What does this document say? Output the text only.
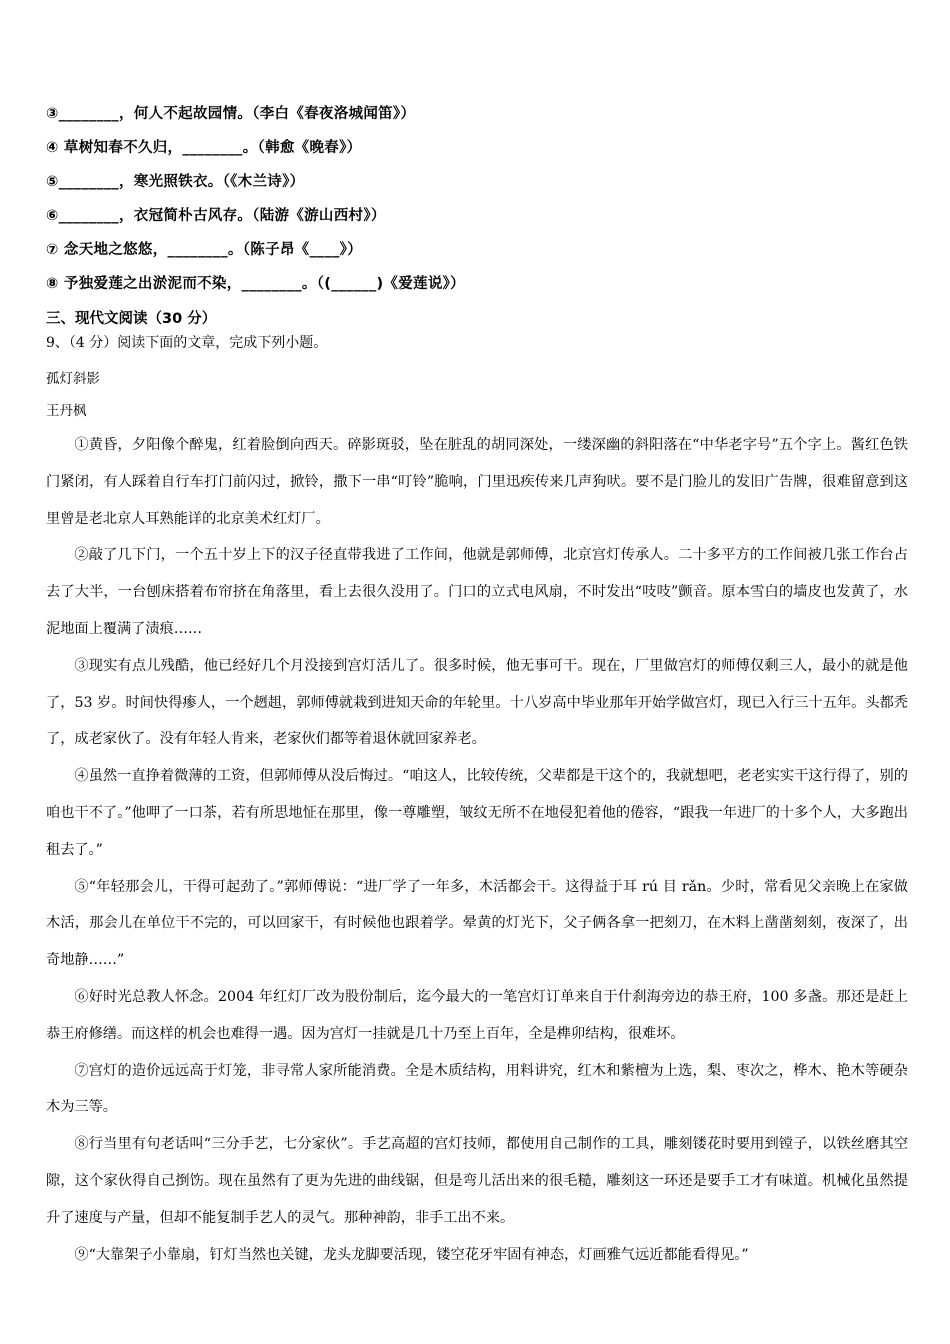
③________，何人不起故园情。（李白《春夜洛城闻笛》）
④ 草树知春不久归，________。（韩愈《晚春》）
⑤________，寒光照铁衣。（《木兰诗》）
⑥________，衣冠简朴古风存。（陆游《游山西村》）
⑦ 念天地之悠悠，________。（陈子昂《____》）
⑧ 予独爱莲之出淤泥而不染，________。（(______)《爱莲说》）
三、现代文阅读（30 分）
9、（4 分）阅读下面的文章，完成下列小题。
孤灯斜影
王丹枫

①黄昏，夕阳像个醉鬼，红着脸倒向西天。碎影斑驳，坠在脏乱的胡同深处，一缕深幽的斜阳落在“中华老字号”五个字上。酱红色铁门紧闭，有人踩着自行车打门前闪过，掀铃，撒下一串“叮铃”脆响，门里迅疾传来几声狗吠。要不是门脸儿的发旧广告牌，很难留意到这里曾是老北京人耳熟能详的北京美术红灯厂。

②敲了几下门，一个五十岁上下的汉子径直带我进了工作间，他就是郭师傅，北京宫灯传承人。二十多平方的工作间被几张工作台占去了大半，一台刨床搭着布帘挤在角落里，看上去很久没用了。门口的立式电风扇，不时发出“吱吱”颤音。原本雪白的墙皮也发黄了，水泥地面上覆满了渍痕……

③现实有点儿残酷，他已经好几个月没接到宫灯活儿了。很多时候，他无事可干。现在，厂里做宫灯的师傅仅剩三人，最小的就是他了，53 岁。时间快得瘆人，一个趔趄，郭师傅就栽到进知天命的年轮里。十八岁高中毕业那年开始学做宫灯，现已入行三十五年。头都秃了，成老家伙了。没有年轻人肯来，老家伙们都等着退休就回家养老。

④虽然一直挣着微薄的工资，但郭师傅从没后悔过。“咱这人，比较传统，父辈都是干这个的，我就想吧，老老实实干这行得了，别的咱也干不了。”他呷了一口茶，若有所思地怔在那里，像一尊雕塑，皱纹无所不在地侵犯着他的倦容，“跟我一年进厂的十多个人，大多跑出租去了。”

⑤“年轻那会儿，干得可起劲了。”郭师傅说：“进厂学了一年多，木活都会干。这得益于耳 rú 目 rǎn。少时，常看见父亲晚上在家做木活，那会儿在单位干不完的，可以回家干，有时候他也跟着学。晕黄的灯光下，父子俩各拿一把刻刀，在木料上凿凿刻刻，夜深了，出奇地静……”

⑥好时光总教人怀念。2004 年红灯厂改为股份制后，迄今最大的一笔宫灯订单来自于什刹海旁边的恭王府，100 多盏。那还是赶上恭王府修缮。而这样的机会也难得一遇。因为宫灯一挂就是几十乃至上百年，全是榫卯结构，很难坏。

⑦宫灯的造价远远高于灯笼，非寻常人家所能消费。全是木质结构，用料讲究，红木和紫檀为上选，梨、枣次之，桦木、艳木等硬杂木为三等。

⑧行当里有句老话叫“三分手艺，七分家伙”。手艺高超的宫灯技师，都使用自己制作的工具，雕刻镂花时要用到镗子，以铁丝磨其空隙，这个家伙得自己捯饬。现在虽然有了更为先进的曲线锯，但是弯儿活出来的很毛糙，雕刻这一环还是要手工才有味道。机械化虽然提升了速度与产量，但却不能复制手艺人的灵气。那种神韵，非手工出不来。

⑨“大靠架子小靠扇，钉灯当然也关键，龙头龙脚要活现，镂空花牙牢固有神态，灯画雅气远近都能看得见。”
